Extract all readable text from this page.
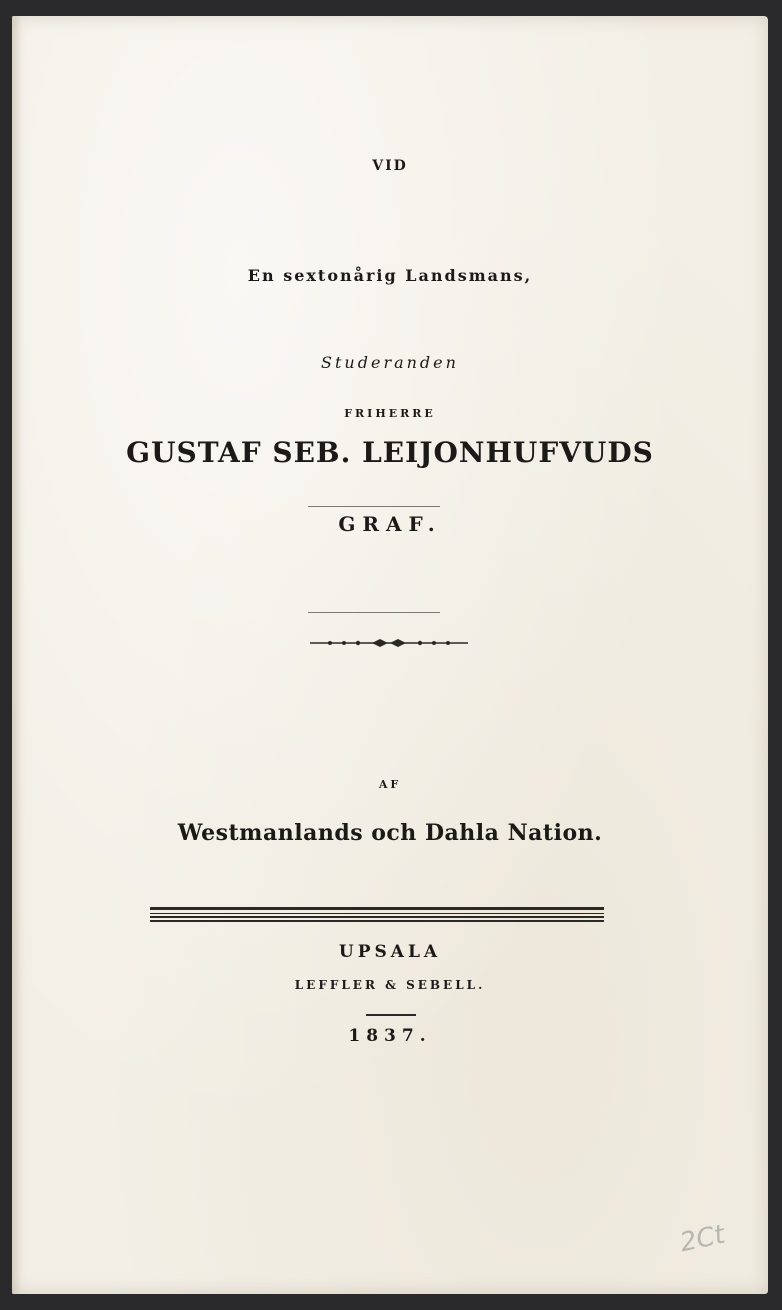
VID
En sextonårig Landsmans,
Studeranden
FRIHERRE
GUSTAF SEB. LEIJONHUFVUDS
GRAF.
AF
Westmanlands och Dahla Nation.
UPSALA
LEFFLER & SEBELL.
1837.
2Ct
